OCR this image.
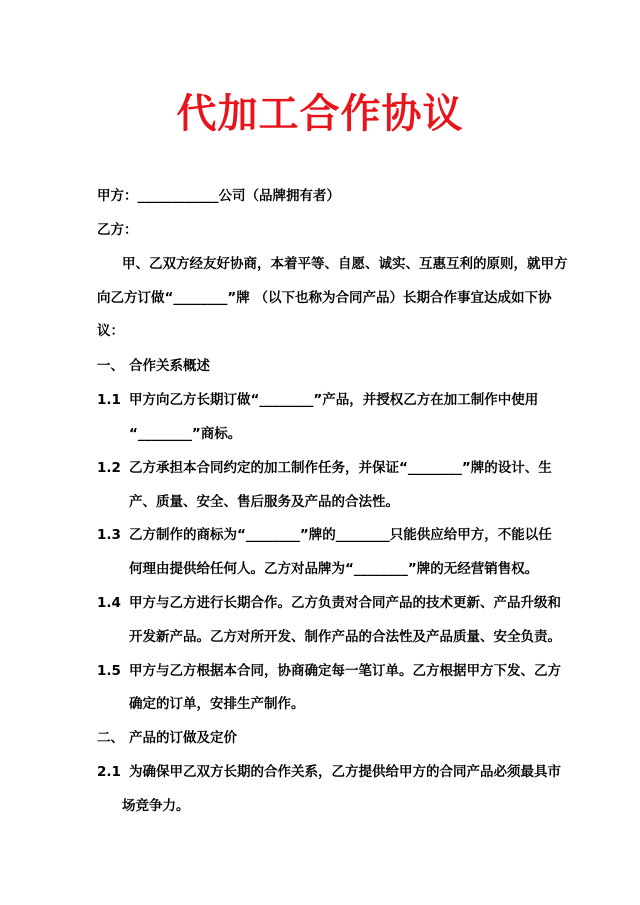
代加工合作协议
甲方：____________公司（品牌拥有者）
乙方：
甲、乙双方经友好协商，本着平等、自愿、诚实、互惠互利的原则，就甲方
向乙方订做“________”牌 （以下也称为合同产品）长期合作事宜达成如下协
议：
一、 合作关系概述
1.1 甲方向乙方长期订做“________”产品，并授权乙方在加工制作中使用
“________”商标。
1.2 乙方承担本合同约定的加工制作任务，并保证“________”牌的设计、生
产、质量、安全、售后服务及产品的合法性。
1.3 乙方制作的商标为“________”牌的________只能供应给甲方，不能以任
何理由提供给任何人。乙方对品牌为“________”牌的无经营销售权。
1.4 甲方与乙方进行长期合作。乙方负责对合同产品的技术更新、产品升级和
开发新产品。乙方对所开发、制作产品的合法性及产品质量、安全负责。
1.5 甲方与乙方根据本合同，协商确定每一笔订单。乙方根据甲方下发、乙方
确定的订单，安排生产制作。
二、 产品的订做及定价
2.1 为确保甲乙双方长期的合作关系，乙方提供给甲方的合同产品必须最具市
场竞争力。
